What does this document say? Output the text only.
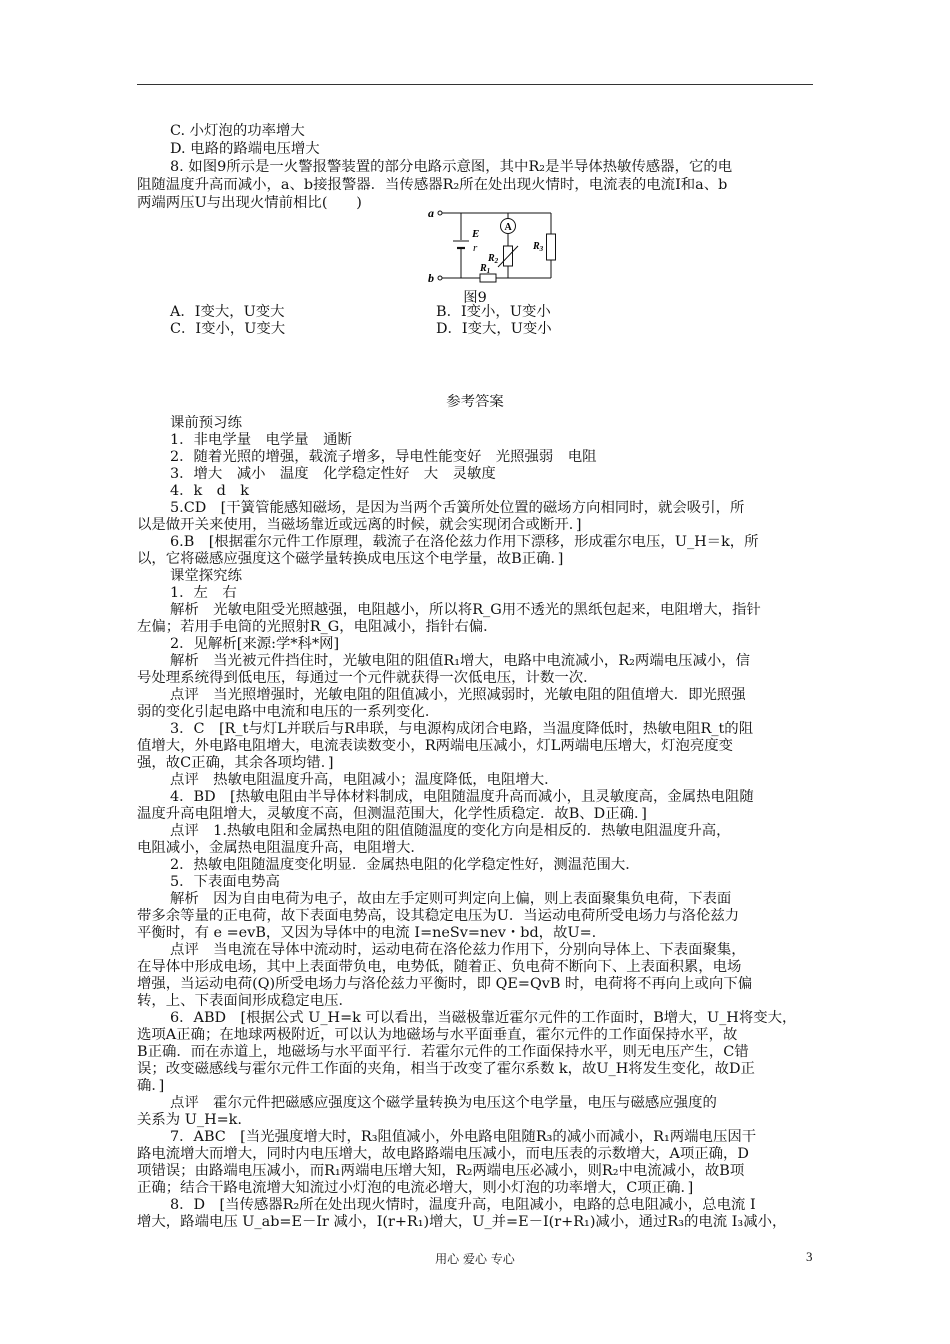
C. 小灯泡的功率增大
D. 电路的路端电压增大
8. 如图9所示是一火警报警装置的部分电路示意图，其中R₂是半导体热敏传感器，它的电
阻随温度升高而减小，a、b接报警器．当传感器R₂所在处出现火情时，电流表的电流Ⅰ和a、b
两端两压U与出现火情前相比(　　)
A．Ⅰ变大，U变大	B．Ⅰ变小，U变小
C．Ⅰ变小，U变大	D．Ⅰ变大，U变小
课前预习练
1．非电学量　电学量　通断
2．随着光照的增强，载流子增多，导电性能变好　光照强弱　电阻
3．增大　减小　温度　化学稳定性好　大　灵敏度
4．k　d　k
5.CD　[干簧管能感知磁场，是因为当两个舌簧所处位置的磁场方向相同时，就会吸引，所
以是做开关来使用，当磁场靠近或远离的时候，就会实现闭合或断开．]
6.B　[根据霍尔元件工作原理，载流子在洛伦兹力作用下漂移，形成霍尔电压，U_H＝k，所
以，它将磁感应强度这个磁学量转换成电压这个电学量，故B正确．]
课堂探究练
1．左　右
解析　光敏电阻受光照越强，电阻越小，所以将R_G用不透光的黑纸包起来，电阻增大，指针
左偏；若用手电筒的光照射R_G，电阻减小，指针右偏．
2．见解析[来源:学*科*网]
解析　当光被元件挡住时，光敏电阻的阻值R₁增大，电路中电流减小，R₂两端电压减小，信
号处理系统得到低电压，每通过一个元件就获得一次低电压，计数一次．
点评　当光照增强时，光敏电阻的阻值减小，光照减弱时，光敏电阻的阻值增大．即光照强
弱的变化引起电路中电流和电压的一系列变化．
3．C　[R_t与灯L并联后与R串联，与电源构成闭合电路，当温度降低时，热敏电阻R_t的阻
值增大，外电路电阻增大，电流表读数变小，R两端电压减小，灯L两端电压增大，灯泡亮度变
强，故C正确，其余各项均错．]
点评　热敏电阻温度升高，电阻减小；温度降低，电阻增大．
4．BD　[热敏电阻由半导体材料制成，电阻随温度升高而减小，且灵敏度高，金属热电阻随
温度升高电阻增大，灵敏度不高，但测温范围大，化学性质稳定．故B、D正确．]
点评　1.热敏电阻和金属热电阻的阻值随温度的变化方向是相反的．热敏电阻温度升高，
电阻减小，金属热电阻温度升高，电阻增大．
2．热敏电阻随温度变化明显．金属热电阻的化学稳定性好，测温范围大．
5．下表面电势高
解析　因为自由电荷为电子，故由左手定则可判定向上偏，则上表面聚集负电荷，下表面
带多余等量的正电荷，故下表面电势高，设其稳定电压为U．当运动电荷所受电场力与洛伦兹力
平衡时，有 e =evB，又因为导体中的电流 I=neSv=nev・bd，故U=.
点评　当电流在导体中流动时，运动电荷在洛伦兹力作用下，分别向导体上、下表面聚集，
在导体中形成电场，其中上表面带负电，电势低，随着正、负电荷不断向下、上表面积累，电场
增强，当运动电荷(Q)所受电场力与洛伦兹力平衡时，即 QE=QvB 时，电荷将不再向上或向下偏
转，上、下表面间形成稳定电压．
6．ABD　[根据公式 U_H=k 可以看出，当磁极靠近霍尔元件的工作面时，B增大，U_H将变大，
选项A正确；在地球两极附近，可以认为地磁场与水平面垂直，霍尔元件的工作面保持水平，故
B正确．而在赤道上，地磁场与水平面平行．若霍尔元件的工作面保持水平，则无电压产生，C错
误；改变磁感线与霍尔元件工作面的夹角，相当于改变了霍尔系数 k，故U_H将发生变化，故D正
确．]
点评　霍尔元件把磁感应强度这个磁学量转换为电压这个电学量，电压与磁感应强度的
关系为 U_H=k.
7．ABC　[当光强度增大时，R₃阻值减小，外电路电阻随R₃的减小而减小，R₁两端电压因干
路电流增大而增大，同时内电压增大，故电路路端电压减小，而电压表的示数增大，A项正确，D
项错误；由路端电压减小，而R₁两端电压增大知，R₂两端电压必减小，则R₂中电流减小，故B项
正确；结合干路电流增大知流过小灯泡的电流必增大，则小灯泡的功率增大，C项正确．]
8．D　[当传感器R₂所在处出现火情时，温度升高，电阻减小，电路的总电阻减小，总电流 I
增大，路端电压 U_ab=E－Ir 减小，I(r+R₁)增大，U_并=E－I(r+R₁)减小，通过R₃的电流 I₃减小，
a
b
E
r
A
$R_3$
$R_2$
$R_1$
图9
参考答案
用心 爱心 专心	3
